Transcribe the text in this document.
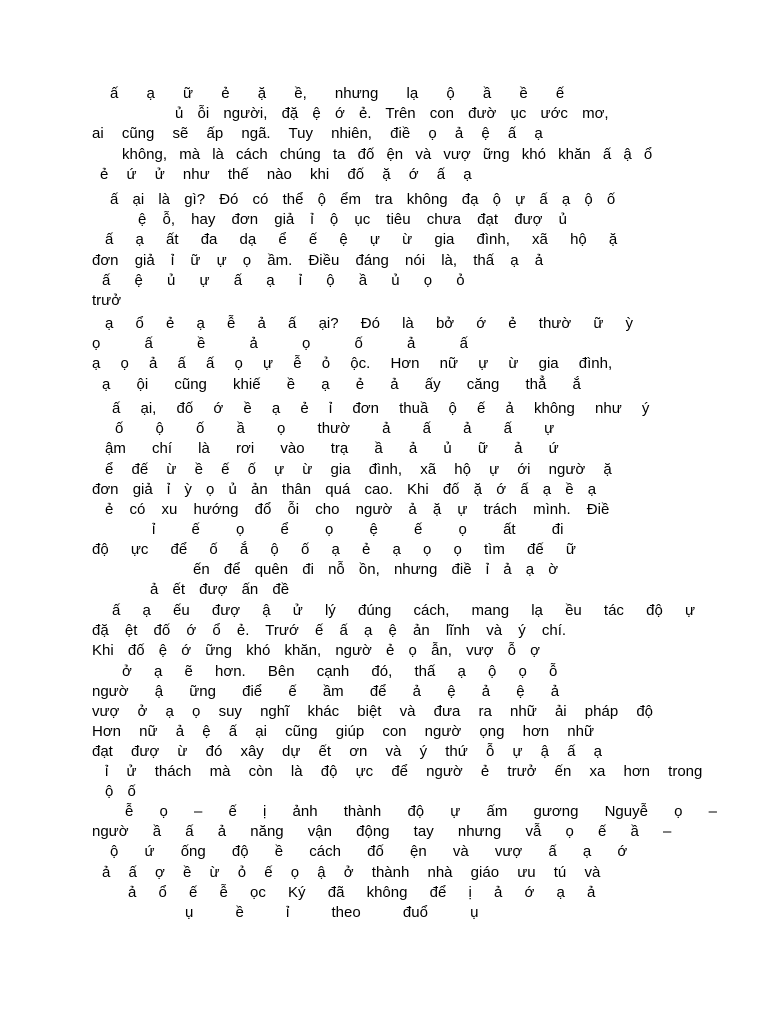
ấ ạ ữ ẻ ặ ề, nhưng lạ ộ ầ ề ế
ủ ỗi người, đặ ệ ớ ẻ. Trên con đườ ục ước mơ,
ai cũng sẽ ấp ngã. Tuy nhiên, điề ọ ả ệ ấ ạ
không, mà là cách chúng ta đố ện và vượ ững khó khăn ấ ậ ổ
ẻ ứ ử như thế nào khi đố ặ ớ ấ ạ
ấ ại là gì? Đó có thể ộ ểm tra không đạ ộ ự ấ ạ ộ ố
ệ ỗ, hay đơn giả ỉ ộ ục tiêu chưa đạt đượ ủ
ấ ạ ất đa dạ ể ế ệ ự ừ gia đình, xã hộ ặ
đơn giả ỉ ữ ự ọ ầm. Điều đáng nói là, thấ ạ ả
ấ ệ ủ ự ấ ạ ỉ ộ ầ ủ ọ ỏ
trưở
ạ ổ ẻ ạ ễ ả ấ ại? Đó là bở ớ ẻ thườ ữ ỳ
ọ ấ ề ả ọ ố ả ấ
ạ ọ ả ấ ấ ọ ự ễ ỏ ộc. Hơn nữ ự ừ gia đình,
ạ ội cũng khiế ề ạ ẻ ả ấy căng thẳ ắ
ấ ại, đố ớ ề ạ ẻ ỉ đơn thuầ ộ ế ả không như ý
ố ộ ố ầ ọ thườ ả ấ ả ấ ự
ậm chí là rơi vào trạ ầ ả ủ ữ ả ứ
ể đế ừ ề ế ố ự ừ gia đình, xã hộ ự ới ngườ ặ
đơn giả ỉ ỳ ọ ủ ản thân quá cao. Khi đố ặ ớ ấ ạ ề ạ
ẻ có xu hướng đổ ỗi cho ngườ ả ặ ự trách mình. Điề
ỉ ế ọ ể ọ ệ ế ọ ất đi
độ ực để ố ắ ộ ố ạ ẻ ạ ọ ọ tìm đế ữ
ến để quên đi nỗ ồn, nhưng điề ỉ ả ạ ờ
ả ết đượ ấn đề
ấ ạ ếu đượ ậ ử lý đúng cách, mang lạ ều tác độ ự
đặ ệt đố ớ ổ ẻ. Trướ ế ấ ạ ệ ản lĩnh và ý chí.
Khi đố ệ ớ ững khó khăn, ngườ ẻ ọ ẫn, vượ ỗ ợ
ở ạ ẽ hơn. Bên cạnh đó, thấ ạ ộ ọ ỗ
ngườ ậ ững điể ế ầm để ả ệ ả ệ ả
vượ ở ạ ọ suy nghĩ khác biệt và đưa ra nhữ ải pháp độ
Hơn nữ ả ệ ấ ại cũng giúp con ngườ ọng hơn nhữ
đạt đượ ừ đó xây dự ết ơn và ý thứ ỗ ự ậ ấ ạ
ỉ ử thách mà còn là độ ực để ngườ ẻ trưở ến xa hơn trong
ộ ố
ễ ọ – ế ị ảnh thành độ ự ấm gương Nguyễ ọ –
ngườ ầ ấ ả năng vận động tay nhưng vẫ ọ ế ầ –
ộ ứ ống độ ề cách đố ện và vượ ấ ạ ớ
ả ấ ợ ề ừ ỏ ế ọ ậ ở thành nhà giáo ưu tú và
ả ổ ế ễ ọc Ký đã không để ị ả ớ ạ ả
ụ ề ỉ theo đuổ ụ
